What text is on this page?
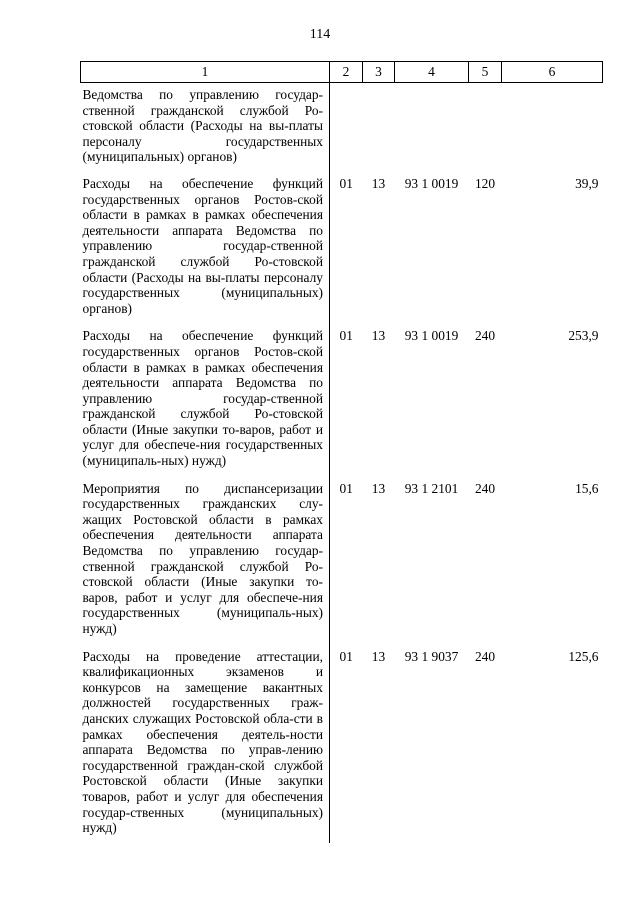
114
1	2	3	4	5	6
Ведомства по управлению государ-ственной гражданской службой Ро-стовской области (Расходы на вы-платы персоналу государственных (муниципальных) органов)					
Расходы на обеспечение функций государственных органов Ростов-ской области в рамках в рамках обеспечения деятельности аппарата Ведомства по управлению государ-ственной гражданской службой Ро-стовской области (Расходы на вы-платы персоналу государственных (муниципальных) органов)	01	13	93 1 0019	120	39,9
Расходы на обеспечение функций государственных органов Ростов-ской области в рамках в рамках обеспечения деятельности аппарата Ведомства по управлению государ-ственной гражданской службой Ро-стовской области (Иные закупки то-варов, работ и услуг для обеспече-ния государственных (муниципаль-ных) нужд)	01	13	93 1 0019	240	253,9
Мероприятия по диспансеризации государственных гражданских слу-жащих Ростовской области в рамках обеспечения деятельности аппарата Ведомства по управлению государ-ственной гражданской службой Ро-стовской области (Иные закупки то-варов, работ и услуг для обеспече-ния государственных (муниципаль-ных) нужд)	01	13	93 1 2101	240	15,6
Расходы на проведение аттестации, квалификационных экзаменов и конкурсов на замещение вакантных должностей государственных граж-данских служащих Ростовской обла-сти в рамках обеспечения деятель-ности аппарата Ведомства по управ-лению государственной граждан-ской службой Ростовской области (Иные закупки товаров, работ и услуг для обеспечения государ-ственных (муниципальных) нужд)	01	13	93 1 9037	240	125,6
